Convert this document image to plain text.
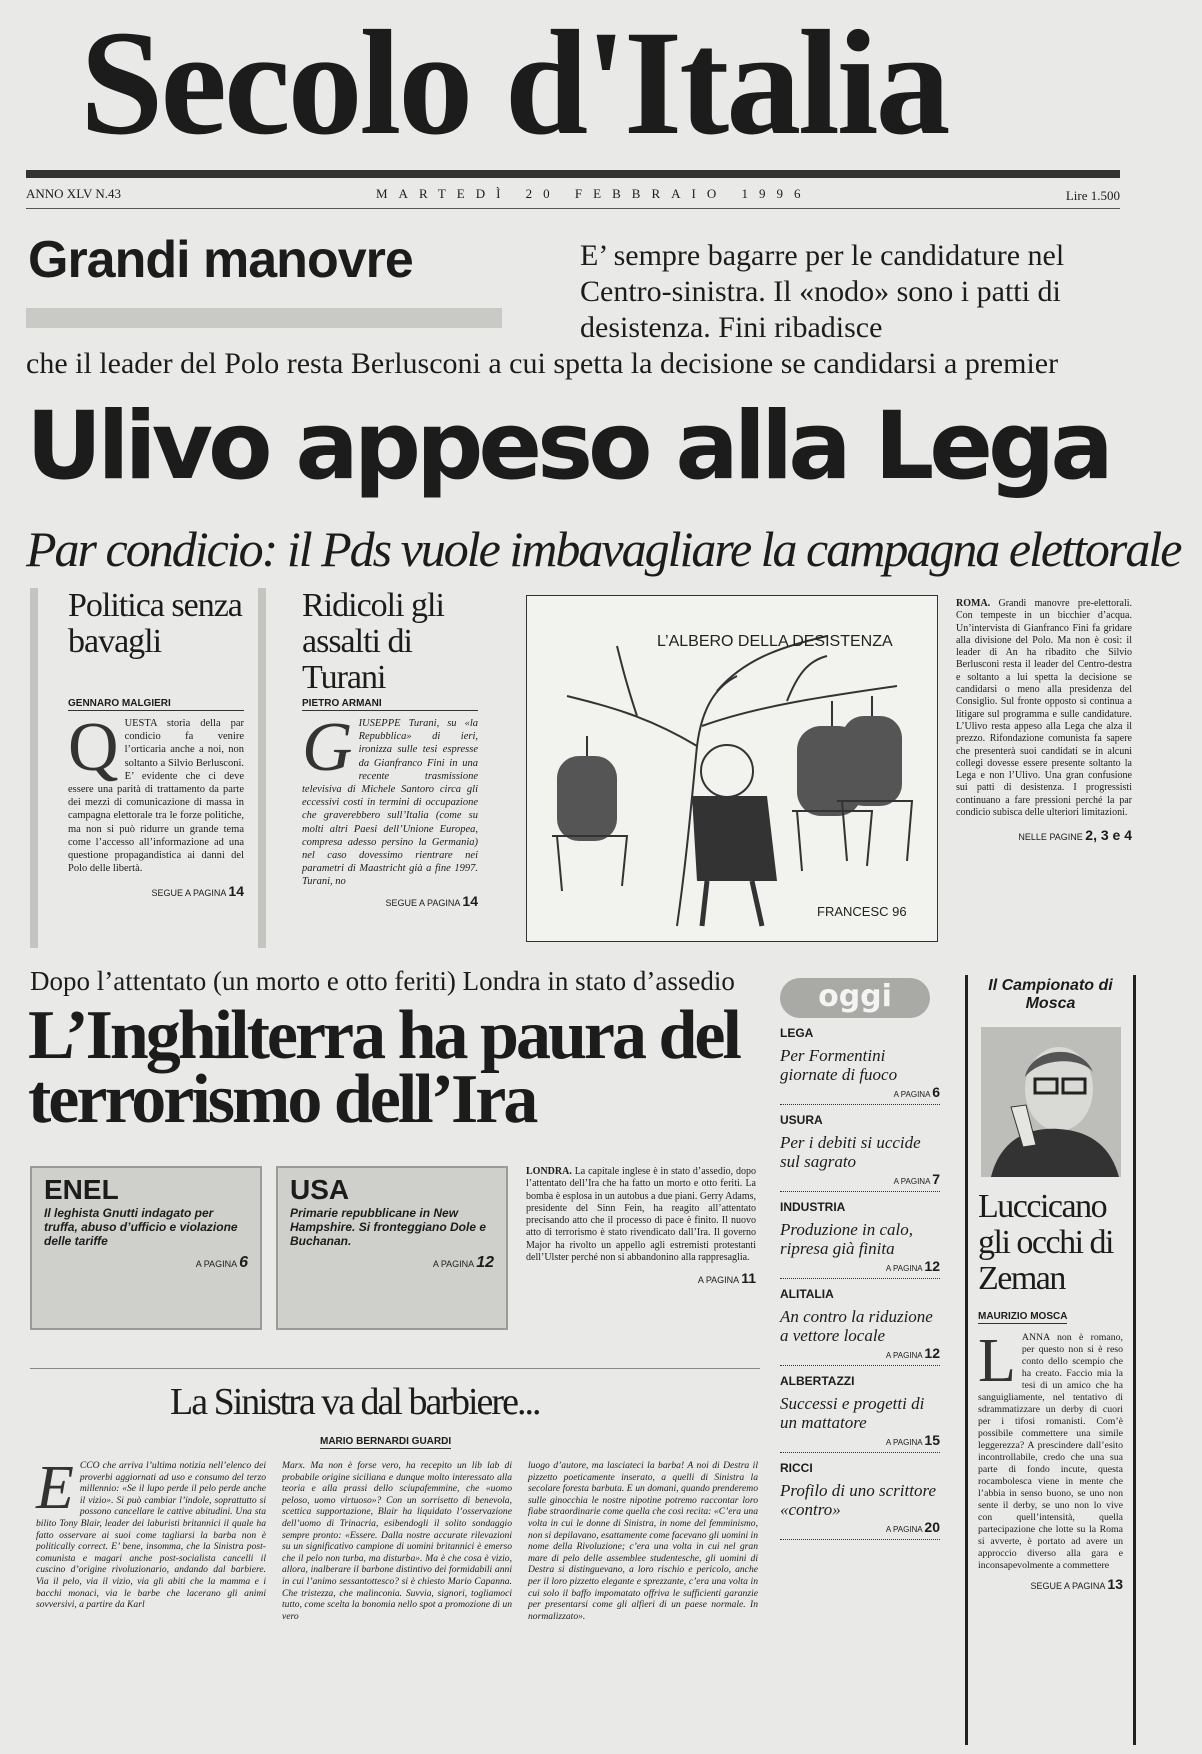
Secolo d'Italia
ANNO XLV N.43	MARTEDÌ 20 FEBBRAIO 1996	Lire 1.500
Grandi manovre	E’ sempre bagarre per le candidature nel Centro-sinistra. Il «nodo» sono i patti di desistenza. Fini ribadisce
che il leader del Polo resta Berlusconi a cui spetta la decisione se candidarsi a premier
Ulivo appeso alla Lega
Par condicio: il Pds vuole imbavagliare la campagna elettorale
Politica senza bavagli
GENNARO MALGIERI
Q UESTA storia della par condicio fa venire l’orticaria anche a noi, non soltanto a Silvio Berlusconi. E’ evidente che ci deve essere una parità di trattamento da parte dei mezzi di comunicazione di massa in campagna elettorale tra le forze politiche, ma non si può ridurre un grande tema come l’accesso all’informazione ad una questione propagandistica ai danni del Polo delle libertà.
SEGUE A PAGINA 14
Ridicoli gli assalti di Turani
PIETRO ARMANI
G IUSEPPE Turani, su «la Repubblica» di ieri, ironizza sulle tesi espresse da Gianfranco Fini in una recente trasmissione televisiva di Michele Santoro circa gli eccessivi costi in termini di occupazione che graverebbero sull’Italia (come su molti altri Paesi dell’Unione Europea, compresa adesso persino la Germania) nel caso dovessimo rientrare nei parametri di Maastricht già a fine 1997. Turani, no
SEGUE A PAGINA 14
L’ALBERO DELLA DESISTENZA
FRANCESC 96
ROMA. Grandi manovre pre-elettorali. Con tempeste in un bicchier d’acqua. Un’intervista di Gianfranco Fini fa gridare alla divisione del Polo. Ma non è così: il leader di An ha ribadito che Silvio Berlusconi resta il leader del Centro-destra e soltanto a lui spetta la decisione se candidarsi o meno alla presidenza del Consiglio. Sul fronte opposto si continua a litigare sul programma e sulle candidature. L’Ulivo resta appeso alla Lega che alza il prezzo. Rifondazione comunista fa sapere che presenterà suoi candidati se in alcuni collegi dovesse essere presente soltanto la Lega e non l’Ulivo. Una gran confusione sui patti di desistenza. I progressisti continuano a fare pressioni perché la par condicio subisca delle ulteriori limitazioni.
NELLE PAGINE 2, 3 e 4
Dopo l’attentato (un morto e otto feriti) Londra in stato d’assedio
L’Inghilterra ha paura del terrorismo dell’Ira
ENEL
Il leghista Gnutti indagato per truffa, abuso d’ufficio e violazione delle tariffe
A PAGINA 6
USA
Primarie repubblicane in New Hampshire. Si fronteggiano Dole e Buchanan.
A PAGINA 12
LONDRA. La capitale inglese è in stato d’assedio, dopo l’attentato dell’Ira che ha fatto un morto e otto feriti. La bomba è esplosa in un autobus a due piani. Gerry Adams, presidente del Sinn Fein, ha reagito all’attentato precisando atto che il processo di pace è finito. Il nuovo atto di terrorismo è stato rivendicato dall’Ira. Il governo Major ha rivolto un appello agli estremisti protestanti dell’Ulster perché non si abbandonino alla rappresaglia.
A PAGINA 11
La Sinistra va dal barbiere...
MARIO BERNARDI GUARDI
E CCO che arriva l’ultima notizia nell’elenco dei proverbi aggiornati ad uso e consumo del terzo millennio: «Se il lupo perde il pelo perde anche il vizio». Si può cambiar l’indole, soprattutto si possono cancellare le cattive abitudini. Una sta bilito Tony Blair, leader dei laburisti britannici il quale ha fatto osservare ai suoi come tagliarsi la barba non è politically correct. E’ bene, insomma, che la Sinistra post-comunista e magari anche post-socialista cancelli il cuscino d’origine rivoluzionario, andando dal barbiere. Via il pelo, via il vizio, via gli abiti che la mamma e i bacchi monaci, via le barbe che lacerano gli animi sovversivi, a partire da Karl
Marx. Ma non è forse vero, ha recepito un lib lab di probabile origine siciliana e dunque molto interessato alla teoria e alla prassi dello sciupafemmine, che «uomo peloso, uomo virtuoso»? Con un sorrisetto di benevola, scettica supportazione, Blair ha liquidato l’osservazione dell’uomo di Trinacria, esibendogli il solito sondaggio sempre pronto: «Essere. Dalla nostre accurate rilevazioni su un significativo campione di uomini britannici è emerso che il pelo non turba, ma disturba». Ma è che cosa è vizio, allora, inalberare il barbone distintivo dei formidabili anni in cui l’animo sessantottesco? si è chiesto Mario Capanna. Che tristezza, che malinconia. Suvvia, signori, togliamoci tutto, come scelta la bonomia nello spot a promozione di un vero
luogo d’autore, ma lasciateci la barba! A noi di Destra il pizzetto poeticamente inserato, a quelli di Sinistra la secolare foresta barbuta. E un domani, quando prenderemo sulle ginocchia le nostre nipotine potremo raccontar loro fiabe straordinarie come quella che così recita: «C’era una volta in cui le donne di Sinistra, in nome del femminismo, non si depilavano, esattamente come facevano gli uomini in nome della Rivoluzione; c’era una volta in cui nel gran mare di pelo delle assemblee studentesche, gli uomini di Destra si distinguevano, a loro rischio e pericolo, anche per il loro pizzetto elegante e sprezzante, c’era una volta in cui solo il baffo impomatato offriva le sufficienti garanzie per presentarsi come gli alfieri di un paese normale. In normalizzato».
oggi
LEGA
Per Formentini giornate di fuoco
A PAGINA 6
USURA
Per i debiti si uccide sul sagrato
A PAGINA 7
INDUSTRIA
Produzione in calo, ripresa già finita
A PAGINA 12
ALITALIA
An contro la riduzione a vettore locale
A PAGINA 12
ALBERTAZZI
Successi e progetti di un mattatore
A PAGINA 15
RICCI
Profilo di uno scrittore «contro»
A PAGINA 20
Il Campionato di Mosca
Luccicano gli occhi di Zeman
MAURIZIO MOSCA
L ANNA non è romano, per questo non si è reso conto dello scempio che ha creato. Faccio mia la tesi di un amico che ha sanguigliamente, nel tentativo di sdrammatizzare un derby di cuori per i tifosi romanisti. Com’è possibile commettere una simile leggerezza? A prescindere dall’esito incontrollabile, credo che una sua parte di fondo incute, questa rocambolesca viene in mente che l’abbia in senso buono, se uno non sente il derby, se uno non lo vive con quell’intensità, quella partecipazione che lotte su la Roma si avverte, è portato ad avere un approccio diverso alla gara e inconsapevolmente a commettere
SEGUE A PAGINA 13
